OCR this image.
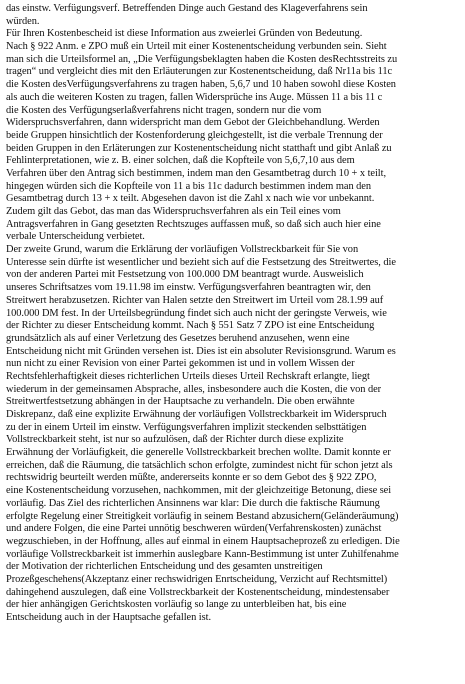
das einstw. Verfügungsverf. Betreffenden Dinge auch Gestand des Klageverfahrens sein
würden.
Für Ihren Kostenbescheid ist diese Information aus zweierlei Gründen von Bedeutung.
Nach § 922 Anm. e ZPO muß ein Urteil mit einer Kostenentscheidung verbunden sein. Sieht
man sich die Urteilsformel an, „Die Verfügungsbeklagten haben die Kosten desRechtsstreits zu
tragen“ und vergleicht dies mit den Erläuterungen zur Kostenentscheidung, daß Nr11a bis 11c
die Kosten desVerfügungsverfahrens zu tragen haben, 5,6,7 und 10 haben sowohl diese Kosten
als auch die weiteren Kosten zu tragen, fallen Widersprüche ins Auge. Müssen 11 a bis 11 c
die Kosten des Verfügungserlaßverfahrens nicht tragen, sondern nur die vom
Widerspruchsverfahren, dann widerspricht man dem Gebot der Gleichbehandlung. Werden
beide Gruppen hinsichtlich der Kostenforderung gleichgestellt, ist die verbale Trennung der
beiden Gruppen in den Erläterungen zur Kostenentscheidung nicht statthaft und gibt Anlaß zu
Fehlinterpretationen, wie z. B. einer solchen, daß die Kopfteile von 5,6,7,10 aus dem
Verfahren über den Antrag sich bestimmen, indem man den Gesamtbetrag durch 10 + x teilt,
hingegen würden sich die Kopfteile von 11 a bis 11c dadurch bestimmen indem man den
Gesamtbetrag durch 13 + x teilt. Abgesehen davon ist die Zahl x nach wie vor unbekannt.
Zudem gilt das Gebot, das man das Widerspruchsverfahren als ein Teil eines vom
Antragsverfahren in Gang gesetzten Rechtszuges auffassen muß, so daß sich auch hier eine
verbale Unterscheidung verbietet.
Der zweite Grund, warum die Erklärung der vorläufigen Vollstreckbarkeit für Sie von
Unteresse sein dürfte ist wesentlicher und bezieht sich auf die Festsetzung des Streitwertes, die
von der anderen Partei mit Festsetzung von 100.000 DM beantragt wurde. Ausweislich
unseres Schriftsatzes vom 19.11.98 im einstw. Verfügungsverfahren beantragten wir, den
Streitwert herabzusetzen. Richter van Halen setzte den Streitwert im Urteil vom 28.1.99 auf
100.000 DM fest. In der Urteilsbegründung findet sich auch nicht der geringste Verweis, wie
der Richter zu dieser Entscheidung kommt. Nach § 551 Satz 7 ZPO ist eine Entscheidung
grundsätzlich als auf einer Verletzung des Gesetzes beruhend anzusehen, wenn eine
Entscheidung nicht mit Gründen versehen ist. Dies ist ein absoluter Revisionsgrund. Warum es
nun nicht zu einer Revision von einer Partei gekommen ist und in vollem Wissen der
Rechtsfehlerhaftigkeit dieses richterlichen Urteils dieses Urteil Rechskraft erlangte, liegt
wiederum in der gemeinsamen Absprache, alles, insbesondere auch die Kosten, die von der
Streitwertfestsetzung abhängen in der Hauptsache zu verhandeln. Die oben erwähnte
Diskrepanz, daß eine explizite Erwähnung der vorläufigen Vollstreckbarkeit im Widerspruch
zu der in einem Urteil im einstw. Verfügungsverfahren implizit steckenden selbsttätigen
Vollstreckbarkeit steht, ist nur so aufzulösen, daß der Richter durch diese explizite
Erwähnung der Vorläufigkeit, die generelle Vollstreckbarkeit brechen wollte. Damit konnte er
erreichen, daß die Räumung, die tatsächlich schon erfolgte, zumindest nicht für schon jetzt als
rechtswidrig beurteilt werden müßte, andererseits konnte er so dem Gebot des § 922 ZPO,
eine Kostenentscheidung vorzusehen, nachkommen, mit der gleichzeitige Betonung, diese sei
vorläufig. Das Ziel des richterlichen Ansinnens war klar: Die durch die faktische Räumung
erfolgte Regelung einer Streitigkeit vorläufig in seinem Bestand abzusichern(Geländeräumung)
und andere Folgen, die eine Partei unnötig beschweren würden(Verfahrenskosten) zunächst
wegzuschieben, in der Hoffnung, alles auf einmal in einem Hauptsacheprozeß zu erledigen. Die
vorläufige Vollstreckbarkeit ist immerhin auslegbare Kann-Bestimmung ist unter Zuhilfenahme
der Motivation der richterlichen Entscheidung und des gesamten unstreitigen
Prozeßgeschehens(Akzeptanz einer rechswidrigen Enrtscheidung, Verzicht auf Rechtsmittel)
dahingehend auszulegen, daß eine Vollstreckbarkeit der Kostenentscheidung, mindestensaber
der hier anhängigen Gerichtskosten vorläufig so lange zu unterbleiben hat, bis eine
Entscheidung auch in der Hauptsache gefallen ist.
